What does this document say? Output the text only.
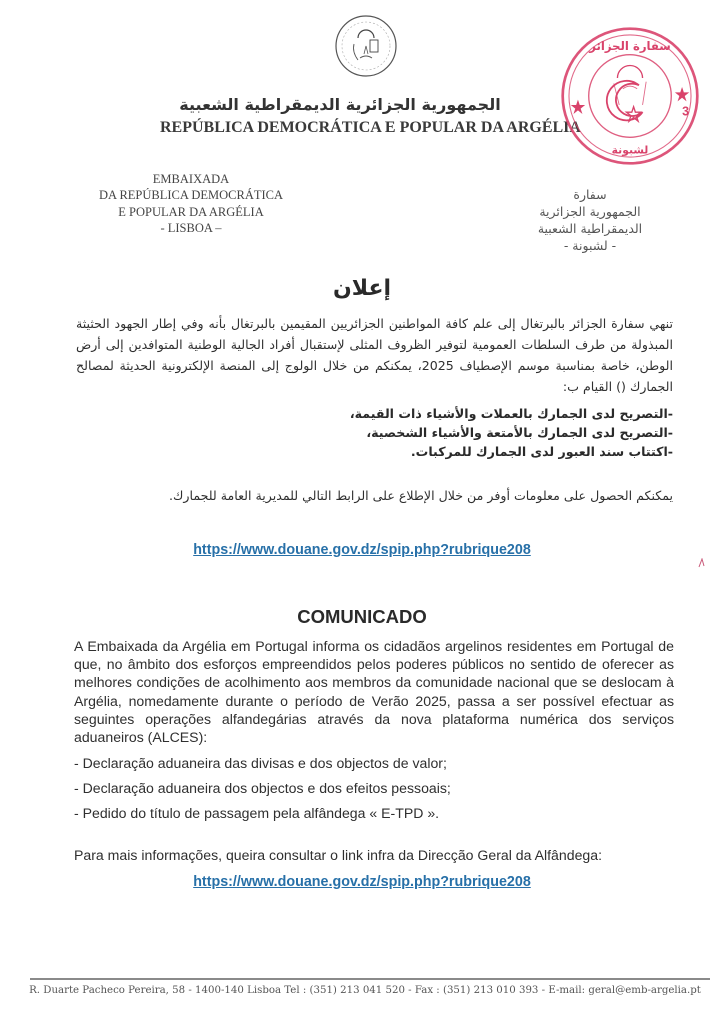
الجمهورية الجزائرية الديمقراطية الشعبية
REPÚBLICA DEMOCRÁTICA E POPULAR DA ARGÉLIA
EMBAIXADA
DA REPÚBLICA DEMOCRÁTICA
E POPULAR DA ARGÉLIA
- LISBOA –
سفارة
الجمهورية الجزائرية
الديمقراطية الشعبية
- لشبونة -
سفارة الجزائر
لشبونة
3
إعلان
تنهي سفارة الجزائر بالبرتغال إلى علم كافة المواطنين الجزائريين المقيمين بالبرتغال بأنه وفي إطار الجهود الحثيثة المبذولة من طرف السلطات العمومية لتوفير الظروف المثلى لإستقبال أفراد الجالية الوطنية المتوافدين إلى أرض الوطن، خاصة بمناسبة موسم الإصطياف 2025، يمكنكم من خلال الولوج إلى المنصة الإلكترونية الحديثة لمصالح الجمارك () القيام ب:
-التصريح لدى الجمارك بالعملات والأشياء ذات القيمة،
-التصريح لدى الجمارك بالأمتعة والأشياء الشخصية،
-اكتتاب سند العبور لدى الجمارك للمركبات.
يمكنكم الحصول على معلومات أوفر من خلال الإطلاع على الرابط التالي للمديرية العامة للجمارك.
https://www.douane.gov.dz/spip.php?rubrique208
COMUNICADO
A Embaixada da Argélia em Portugal informa os cidadãos argelinos residentes em Portugal de que, no âmbito dos esforços empreendidos pelos poderes públicos no sentido de oferecer as melhores condições de acolhimento aos membros da comunidade nacional que se deslocam à Argélia, nomedamente durante o período de Verão 2025, passa a ser possível efectuar as seguintes operações alfandegárias através da nova plataforma numérica dos serviços aduaneiros (ALCES):
- Declaração aduaneira das divisas e dos objectos de valor;
- Declaração aduaneira dos objectos e dos efeitos pessoais;
- Pedido do título de passagem pela alfândega « E-TPD ».
Para mais informações, queira consultar o link infra da Direcção Geral da Alfândega:
https://www.douane.gov.dz/spip.php?rubrique208
R. Duarte Pacheco Pereira, 58 - 1400-140 Lisboa Tel : (351) 213 041 520 - Fax : (351) 213 010 393 - E-mail: geral@emb-argelia.pt
